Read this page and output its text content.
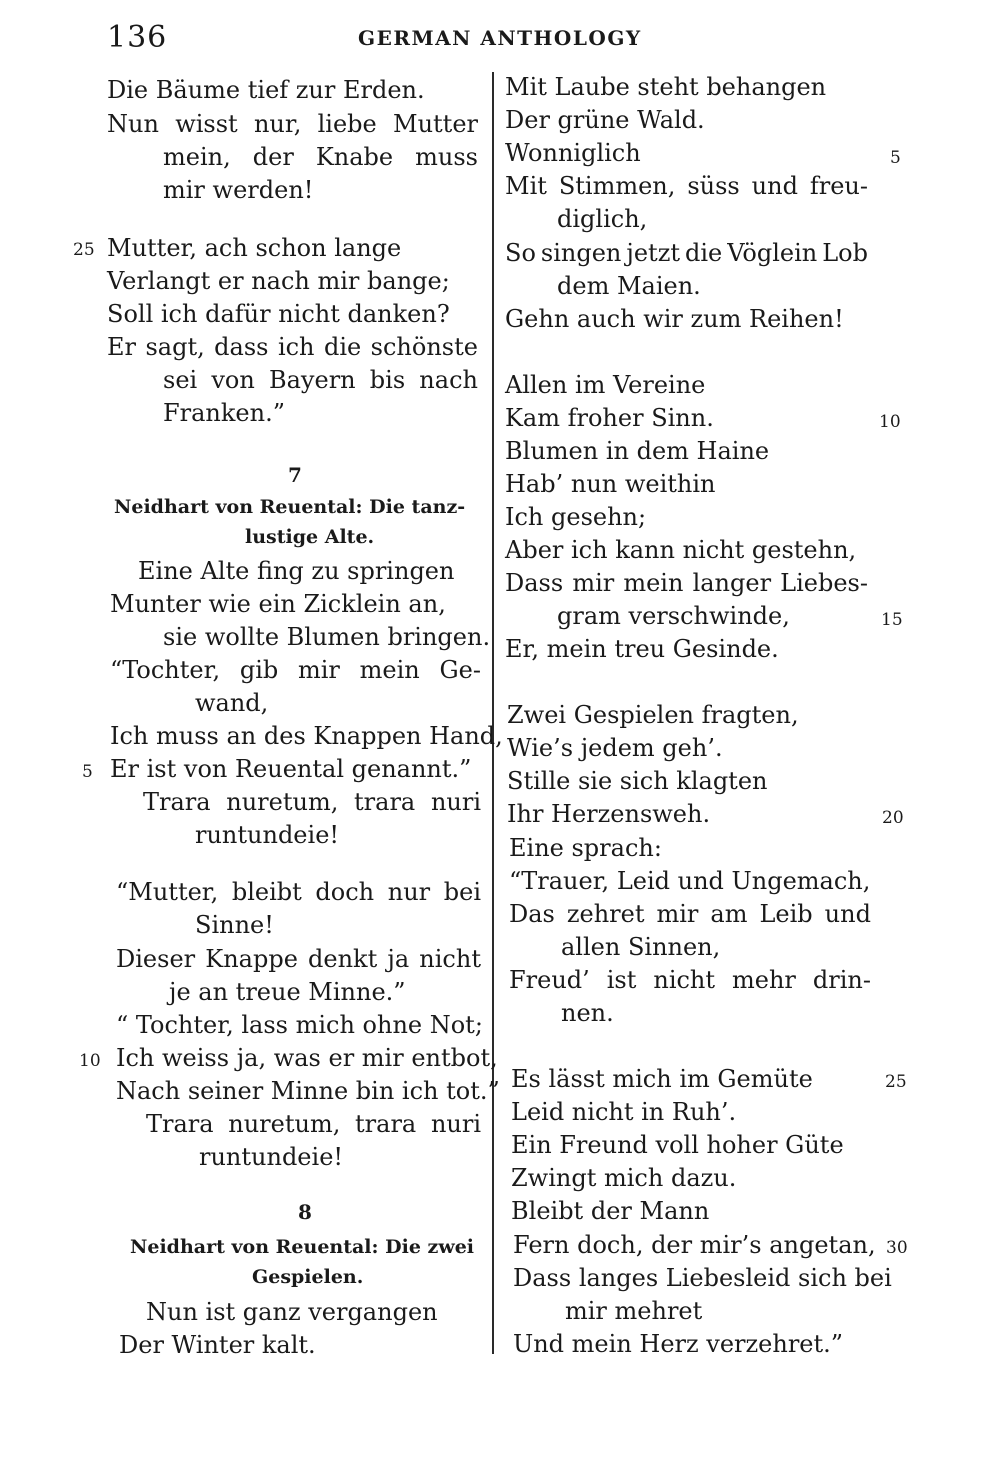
136	GERMAN ANTHOLOGY
Die Bäume tief zur Erden.
Nun wisst nur, liebe Mutter
mein, der Knabe muss
mir werden!
25 Mutter, ach schon lange
Verlangt er nach mir bange;
Soll ich dafür nicht danken?
Er sagt, dass ich die schönste
sei von Bayern bis nach
Franken.”
7
Neidhart von Reuental: Die tanz-
lustige Alte.
Eine Alte fing zu springen
Munter wie ein Zicklein an,
sie wollte Blumen bringen.
“Tochter, gib mir mein Ge-
wand,
Ich muss an des Knappen Hand,
5 Er ist von Reuental genannt.”
Trara nuretum, trara nuri
runtundeie!
“Mutter, bleibt doch nur bei
Sinne!
Dieser Knappe denkt ja nicht
je an treue Minne.”
“ Tochter, lass mich ohne Not;
10 Ich weiss ja, was er mir entbot,
Nach seiner Minne bin ich tot.”
Trara nuretum, trara nuri
runtundeie!
8
Neidhart von Reuental: Die zwei
Gespielen.
Nun ist ganz vergangen
Der Winter kalt.
Mit Laube steht behangen
Der grüne Wald.
Wonniglich	5
Mit Stimmen, süss und freu-
diglich,
So singen jetzt die Vöglein Lob
dem Maien.
Gehn auch wir zum Reihen!
Allen im Vereine
Kam froher Sinn.	10
Blumen in dem Haine
Hab’ nun weithin
Ich gesehn;
Aber ich kann nicht gestehn,
Dass mir mein langer Liebes-
gram verschwinde,	15
Er, mein treu Gesinde.
Zwei Gespielen fragten,
Wie’s jedem geh’.
Stille sie sich klagten
Ihr Herzensweh.	20
Eine sprach:
“Trauer, Leid und Ungemach,
Das zehret mir am Leib und
allen Sinnen,
Freud’ ist nicht mehr drin-
nen.
Es lässt mich im Gemüte	25
Leid nicht in Ruh’.
Ein Freund voll hoher Güte
Zwingt mich dazu.
Bleibt der Mann
Fern doch, der mir’s angetan, 30
Dass langes Liebesleid sich bei
mir mehret
Und mein Herz verzehret.”
